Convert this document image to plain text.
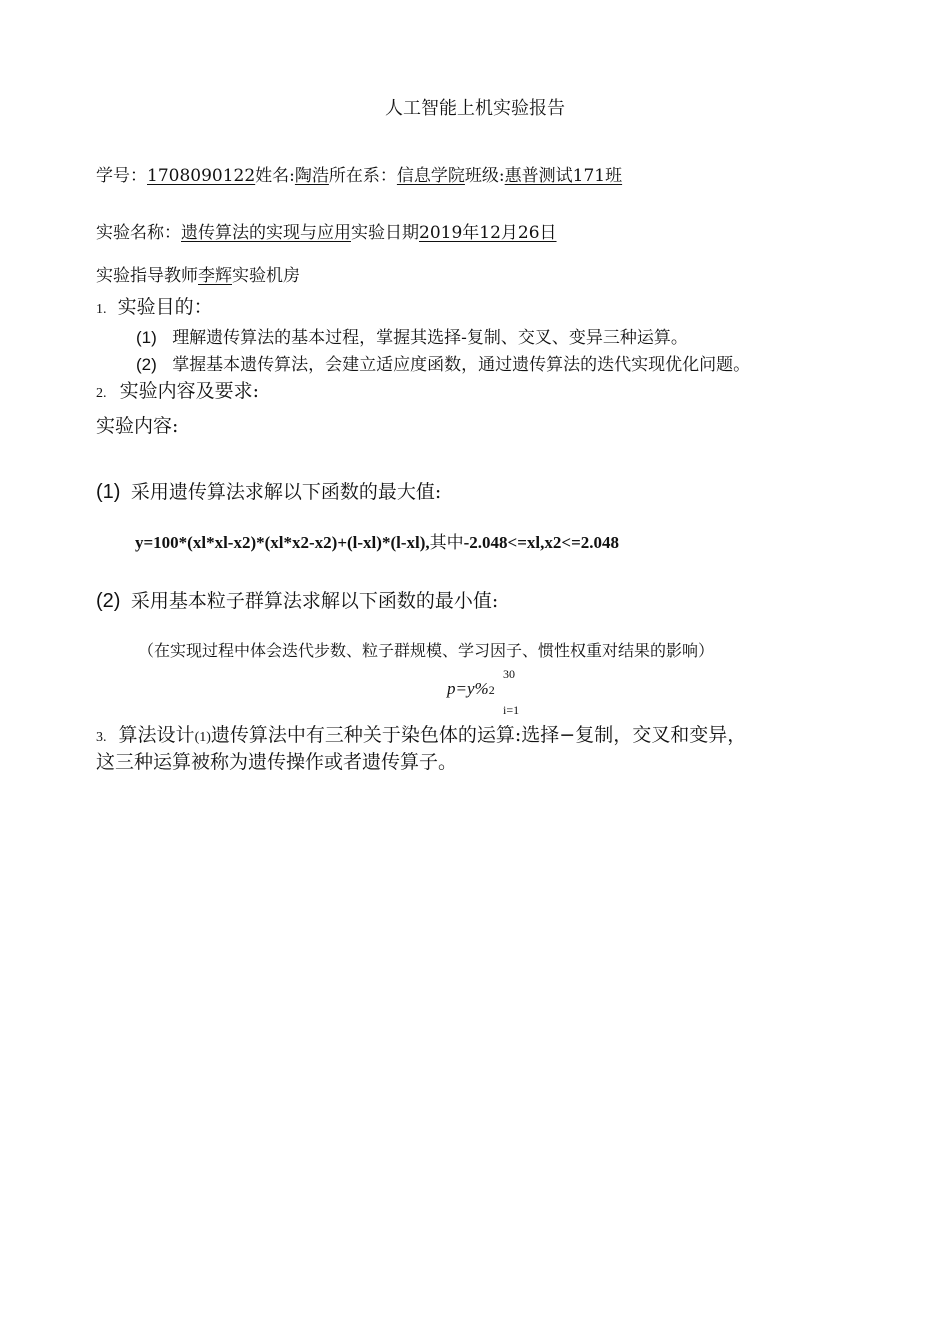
人工智能上机实验报告
学号：1708090122姓名:陶浩所在系：信息学院班级:惠普测试171班
实验名称：遗传算法的实现与应用实验日期2019年12月26日
实验指导教师李辉实验机房
1. 实验目的：
(1) 理解遗传算法的基本过程，掌握其选择-复制、交叉、变异三种运算。
(2) 掌握基本遗传算法，会建立适应度函数，通过遗传算法的迭代实现优化问题。
2. 实验内容及要求:
实验内容:
(1) 采用遗传算法求解以下函数的最大值:
y=100*(xl*xl-x2)*(xl*x2-x2)+(l-xl)*(l-xl),其中-2.048<=xl,x2<=2.048
(2) 采用基本粒子群算法求解以下函数的最小值:
（在实现过程中体会迭代步数、粒子群规模、学习因子、惯性权重对结果的影响）
30
p=y%2
i=1
3. 算法设计(1)遗传算法中有三种关于染色体的运算:选择−复制，交叉和变异，
这三种运算被称为遗传操作或者遗传算子。
